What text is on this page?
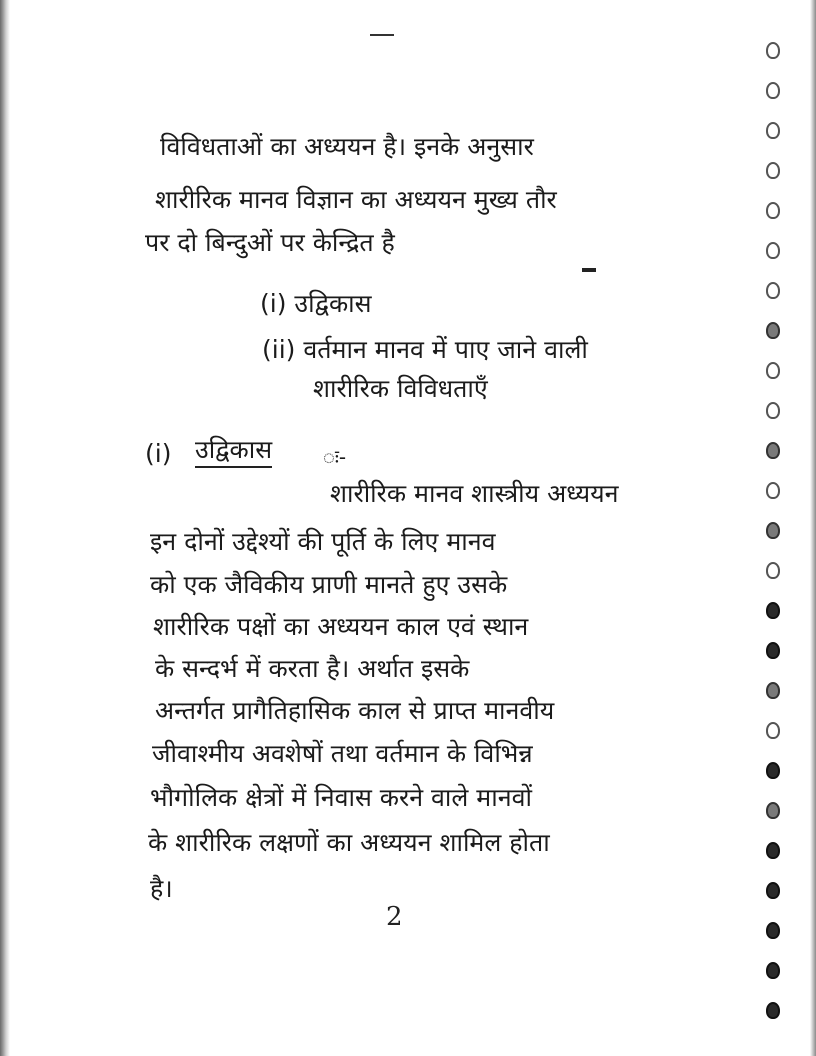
विविधताओं का अध्ययन है। इनके अनुसार
शारीरिक मानव विज्ञान का अध्ययन मुख्य तौर
पर दो बिन्दुओं पर केन्द्रित है
(i) उद्विकास
(ii) वर्तमान मानव में पाए जाने वाली
शारीरिक विविधताएँ
(i) उद्विकास	ः-
शारीरिक मानव शास्त्रीय अध्ययन
इन दोनों उद्देश्यों की पूर्ति के लिए मानव
को एक जैविकीय प्राणी मानते हुए उसके
शारीरिक पक्षों का अध्ययन काल एवं स्थान
के सन्दर्भ में करता है। अर्थात इसके
अन्तर्गत प्रागैतिहासिक काल से प्राप्त मानवीय
जीवाश्मीय अवशेषों तथा वर्तमान के विभिन्न
भौगोलिक क्षेत्रों में निवास करने वाले मानवों
के शारीरिक लक्षणों का अध्ययन शामिल होता
है।
2
